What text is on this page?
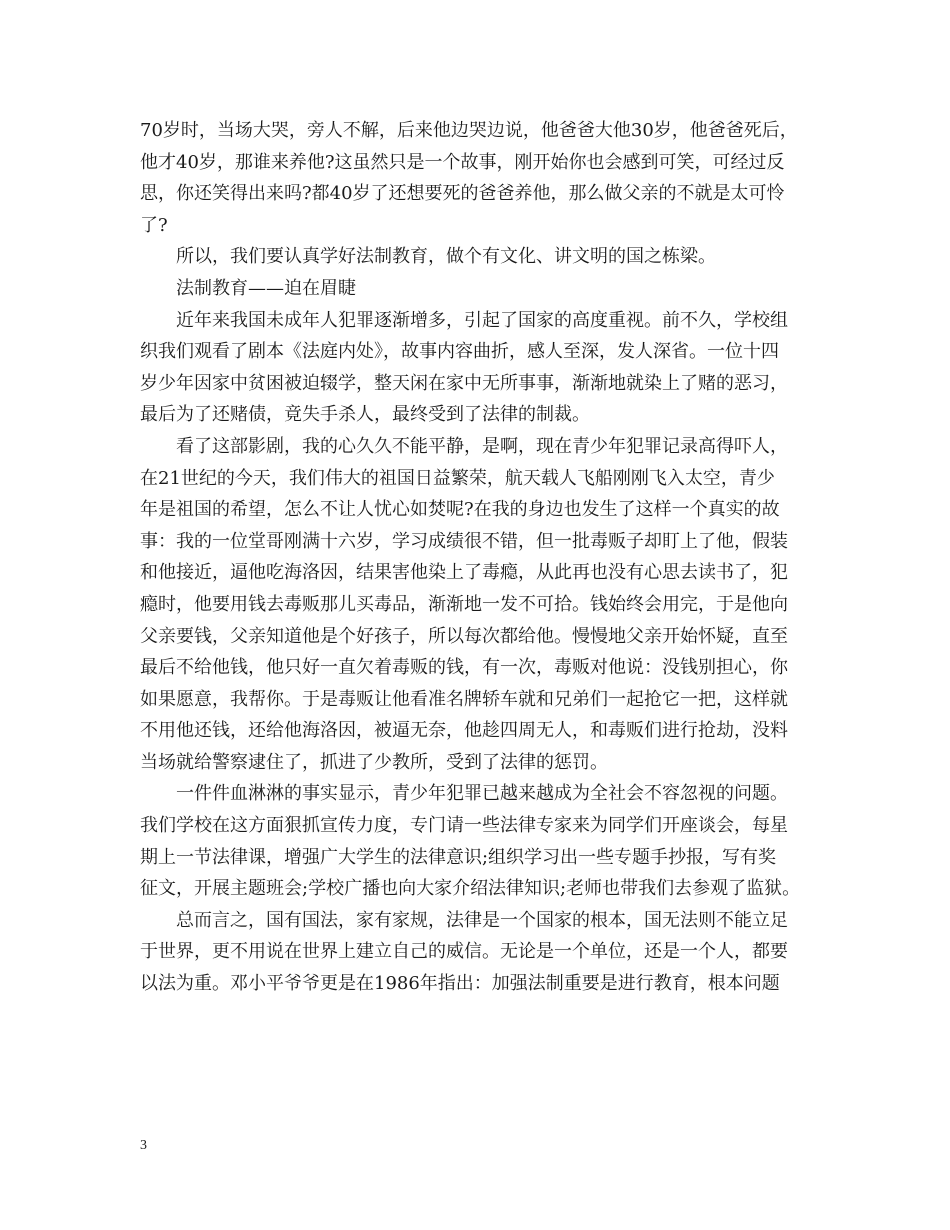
70岁时，当场大哭，旁人不解，后来他边哭边说，他爸爸大他30岁，他爸爸死后，
他才40岁，那谁来养他?这虽然只是一个故事，刚开始你也会感到可笑，可经过反
思，你还笑得出来吗?都40岁了还想要死的爸爸养他，那么做父亲的不就是太可怜
了?
所以，我们要认真学好法制教育，做个有文化、讲文明的国之栋梁。
法制教育——迫在眉睫
近年来我国未成年人犯罪逐渐增多，引起了国家的高度重视。前不久，学校组
织我们观看了剧本《法庭内处》，故事内容曲折，感人至深，发人深省。一位十四
岁少年因家中贫困被迫辍学，整天闲在家中无所事事，渐渐地就染上了赌的恶习，
最后为了还赌债，竟失手杀人，最终受到了法律的制裁。
看了这部影剧，我的心久久不能平静，是啊，现在青少年犯罪记录高得吓人，
在21世纪的今天，我们伟大的祖国日益繁荣，航天载人飞船刚刚飞入太空，青少
年是祖国的希望，怎么不让人忧心如焚呢?在我的身边也发生了这样一个真实的故
事：我的一位堂哥刚满十六岁，学习成绩很不错，但一批毒贩子却盯上了他，假装
和他接近，逼他吃海洛因，结果害他染上了毒瘾，从此再也没有心思去读书了，犯
瘾时，他要用钱去毒贩那儿买毒品，渐渐地一发不可拾。钱始终会用完，于是他向
父亲要钱，父亲知道他是个好孩子，所以每次都给他。慢慢地父亲开始怀疑，直至
最后不给他钱，他只好一直欠着毒贩的钱，有一次，毒贩对他说：没钱别担心，你
如果愿意，我帮你。于是毒贩让他看准名牌轿车就和兄弟们一起抢它一把，这样就
不用他还钱，还给他海洛因，被逼无奈，他趁四周无人，和毒贩们进行抢劫，没料
当场就给警察逮住了，抓进了少教所，受到了法律的惩罚。
一件件血淋淋的事实显示，青少年犯罪已越来越成为全社会不容忽视的问题。
我们学校在这方面狠抓宣传力度，专门请一些法律专家来为同学们开座谈会，每星
期上一节法律课，增强广大学生的法律意识;组织学习出一些专题手抄报，写有奖
征文，开展主题班会;学校广播也向大家介绍法律知识;老师也带我们去参观了监狱。
总而言之，国有国法，家有家规，法律是一个国家的根本，国无法则不能立足
于世界，更不用说在世界上建立自己的威信。无论是一个单位，还是一个人，都要
以法为重。邓小平爷爷更是在1986年指出：加强法制重要是进行教育，根本问题
3
